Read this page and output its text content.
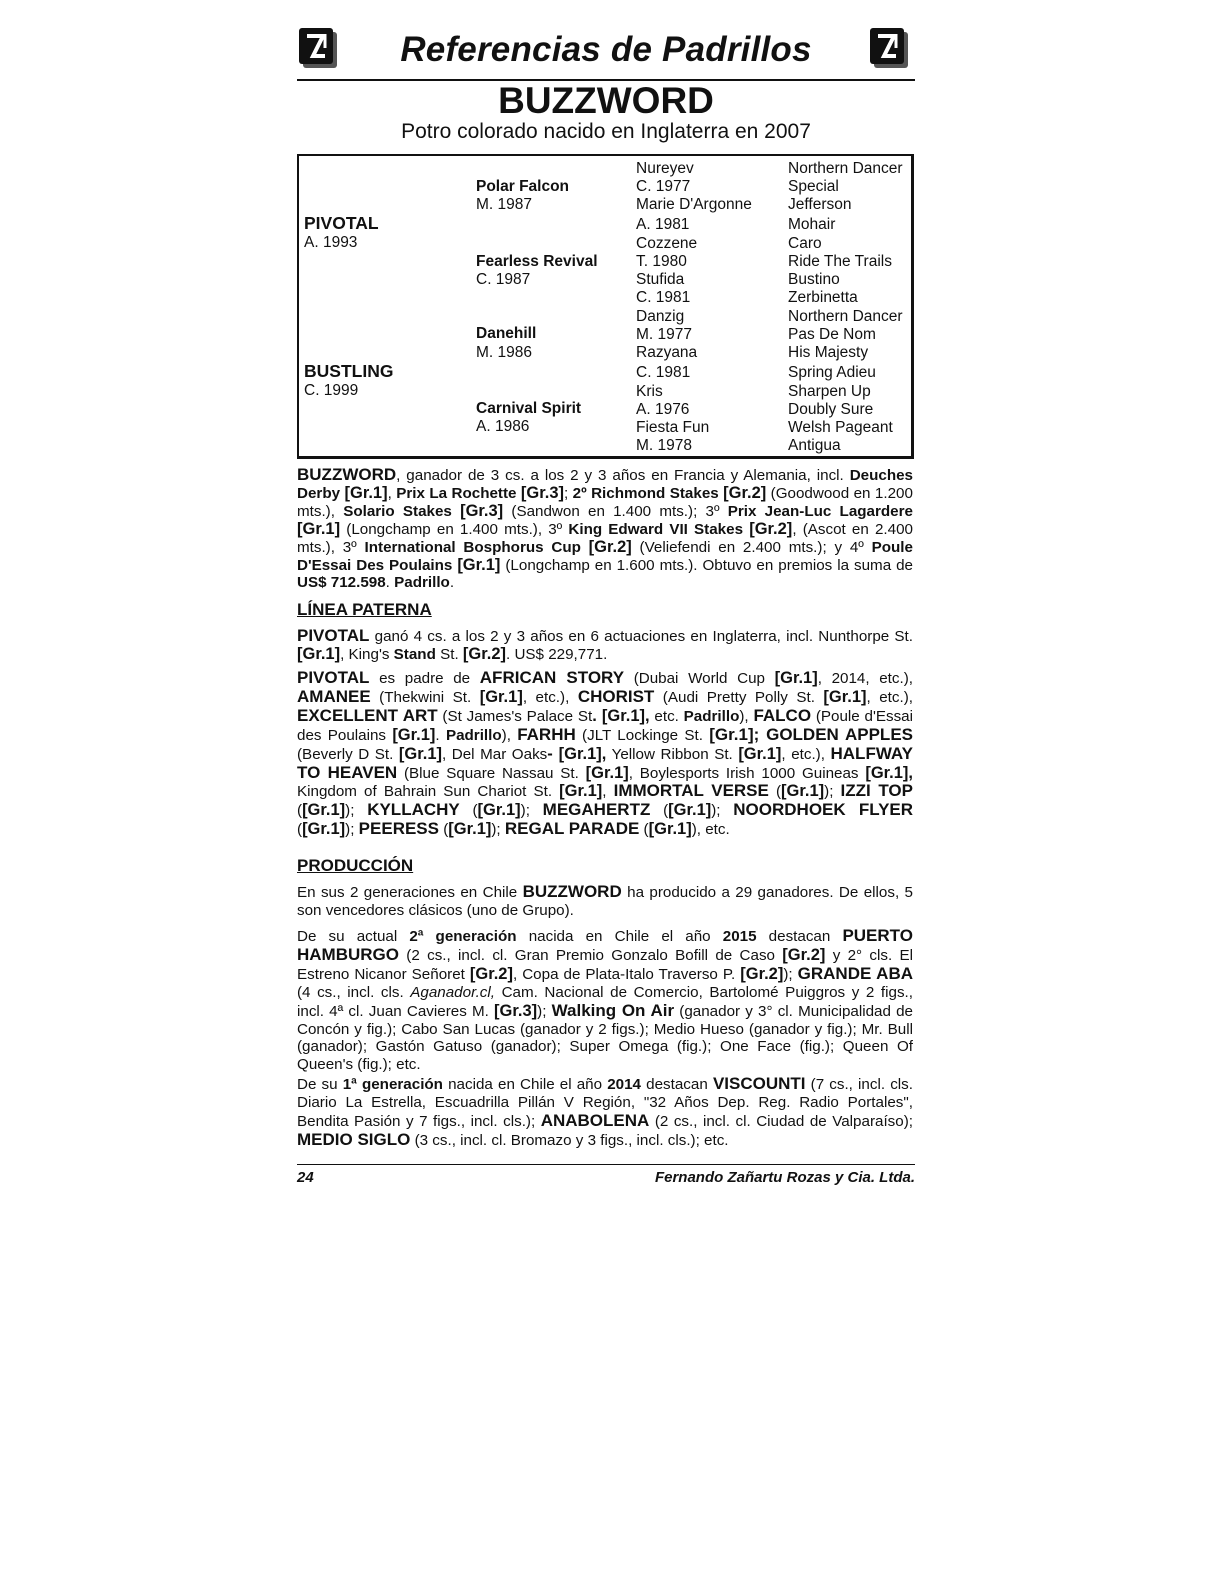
Referencias de Padrillos
BUZZWORD
Potro colorado nacido en Inglaterra en 2007
PIVOTAL
A. 1993
BUSTLING
C. 1999
Polar Falcon
M. 1987
Fearless Revival
C. 1987
Danehill
M. 1986
Carnival Spirit
A. 1986
Nureyev
C. 1977
Marie D'Argonne
A. 1981
Cozzene
T. 1980
Stufida
C. 1981
Danzig
M. 1977
Razyana
C. 1981
Kris
A. 1976
Fiesta Fun
M. 1978
Northern Dancer
Special
Jefferson
Mohair
Caro
Ride The Trails
Bustino
Zerbinetta
Northern Dancer
Pas De Nom
His Majesty
Spring Adieu
Sharpen Up
Doubly Sure
Welsh Pageant
Antigua
BUZZWORD, ganador de 3 cs. a los 2 y 3 años en Francia y Alemania, incl. Deuches Derby [Gr.1], Prix La Rochette [Gr.3]; 2º Richmond Stakes [Gr.2] (Goodwood en 1.200 mts.), Solario Stakes [Gr.3] (Sandwon en 1.400 mts.); 3º Prix Jean-Luc Lagardere [Gr.1] (Longchamp en 1.400 mts.), 3º King Edward VII Stakes [Gr.2], (Ascot en 2.400 mts.), 3º International Bosphorus Cup [Gr.2] (Veliefendi en 2.400 mts.); y 4º Poule D'Essai Des Poulains [Gr.1] (Longchamp en 1.600 mts.). Obtuvo en premios la suma de US$ 712.598. Padrillo.
LÍNEA PATERNA
PIVOTAL ganó 4 cs. a los 2 y 3 años en 6 actuaciones en Inglaterra, incl. Nunthorpe St. [Gr.1], King's Stand St. [Gr.2]. US$ 229,771.
PIVOTAL es padre de AFRICAN STORY (Dubai World Cup [Gr.1], 2014, etc.), AMANEE (Thekwini St. [Gr.1], etc.), CHORIST (Audi Pretty Polly St. [Gr.1], etc.), EXCELLENT ART (St James's Palace St. [Gr.1], etc. Padrillo), FALCO (Poule d'Essai des Poulains [Gr.1]. Padrillo), FARHH (JLT Lockinge St. [Gr.1]; GOLDEN APPLES (Beverly D St. [Gr.1], Del Mar Oaks- [Gr.1], Yellow Ribbon St. [Gr.1], etc.), HALFWAY TO HEAVEN (Blue Square Nassau St. [Gr.1], Boylesports Irish 1000 Guineas [Gr.1], Kingdom of Bahrain Sun Chariot St. [Gr.1], IMMORTAL VERSE ([Gr.1]); IZZI TOP ([Gr.1]); KYLLACHY ([Gr.1]); MEGAHERTZ ([Gr.1]); NOORDHOEK FLYER ([Gr.1]); PEERESS ([Gr.1]); REGAL PARADE ([Gr.1]), etc.
PRODUCCIÓN
En sus 2 generaciones en Chile BUZZWORD ha producido a 29 ganadores. De ellos, 5 son vencedores clásicos (uno de Grupo).
De su actual 2ª generación nacida en Chile el año 2015 destacan PUERTO HAMBURGO (2 cs., incl. cl. Gran Premio Gonzalo Bofill de Caso [Gr.2] y 2° cls. El Estreno Nicanor Señoret [Gr.2], Copa de Plata-Italo Traverso P. [Gr.2]); GRANDE ABA (4 cs., incl. cls. Aganador.cl, Cam. Nacional de Comercio, Bartolomé Puiggros y 2 figs., incl. 4ª cl. Juan Cavieres M. [Gr.3]); Walking On Air (ganador y 3° cl. Municipalidad de Concón y fig.); Cabo San Lucas (ganador y 2 figs.); Medio Hueso (ganador y fig.); Mr. Bull (ganador); Gastón Gatuso (ganador); Super Omega (fig.); One Face (fig.); Queen Of Queen's (fig.); etc.
De su 1ª generación nacida en Chile el año 2014 destacan VISCOUNTI (7 cs., incl. cls. Diario La Estrella, Escuadrilla Pillán V Región, "32 Años Dep. Reg. Radio Portales", Bendita Pasión y 7 figs., incl. cls.); ANABOLENA (2 cs., incl. cl. Ciudad de Valparaíso); MEDIO SIGLO (3 cs., incl. cl. Bromazo y 3 figs., incl. cls.); etc.
24	Fernando Zañartu Rozas y Cia. Ltda.
